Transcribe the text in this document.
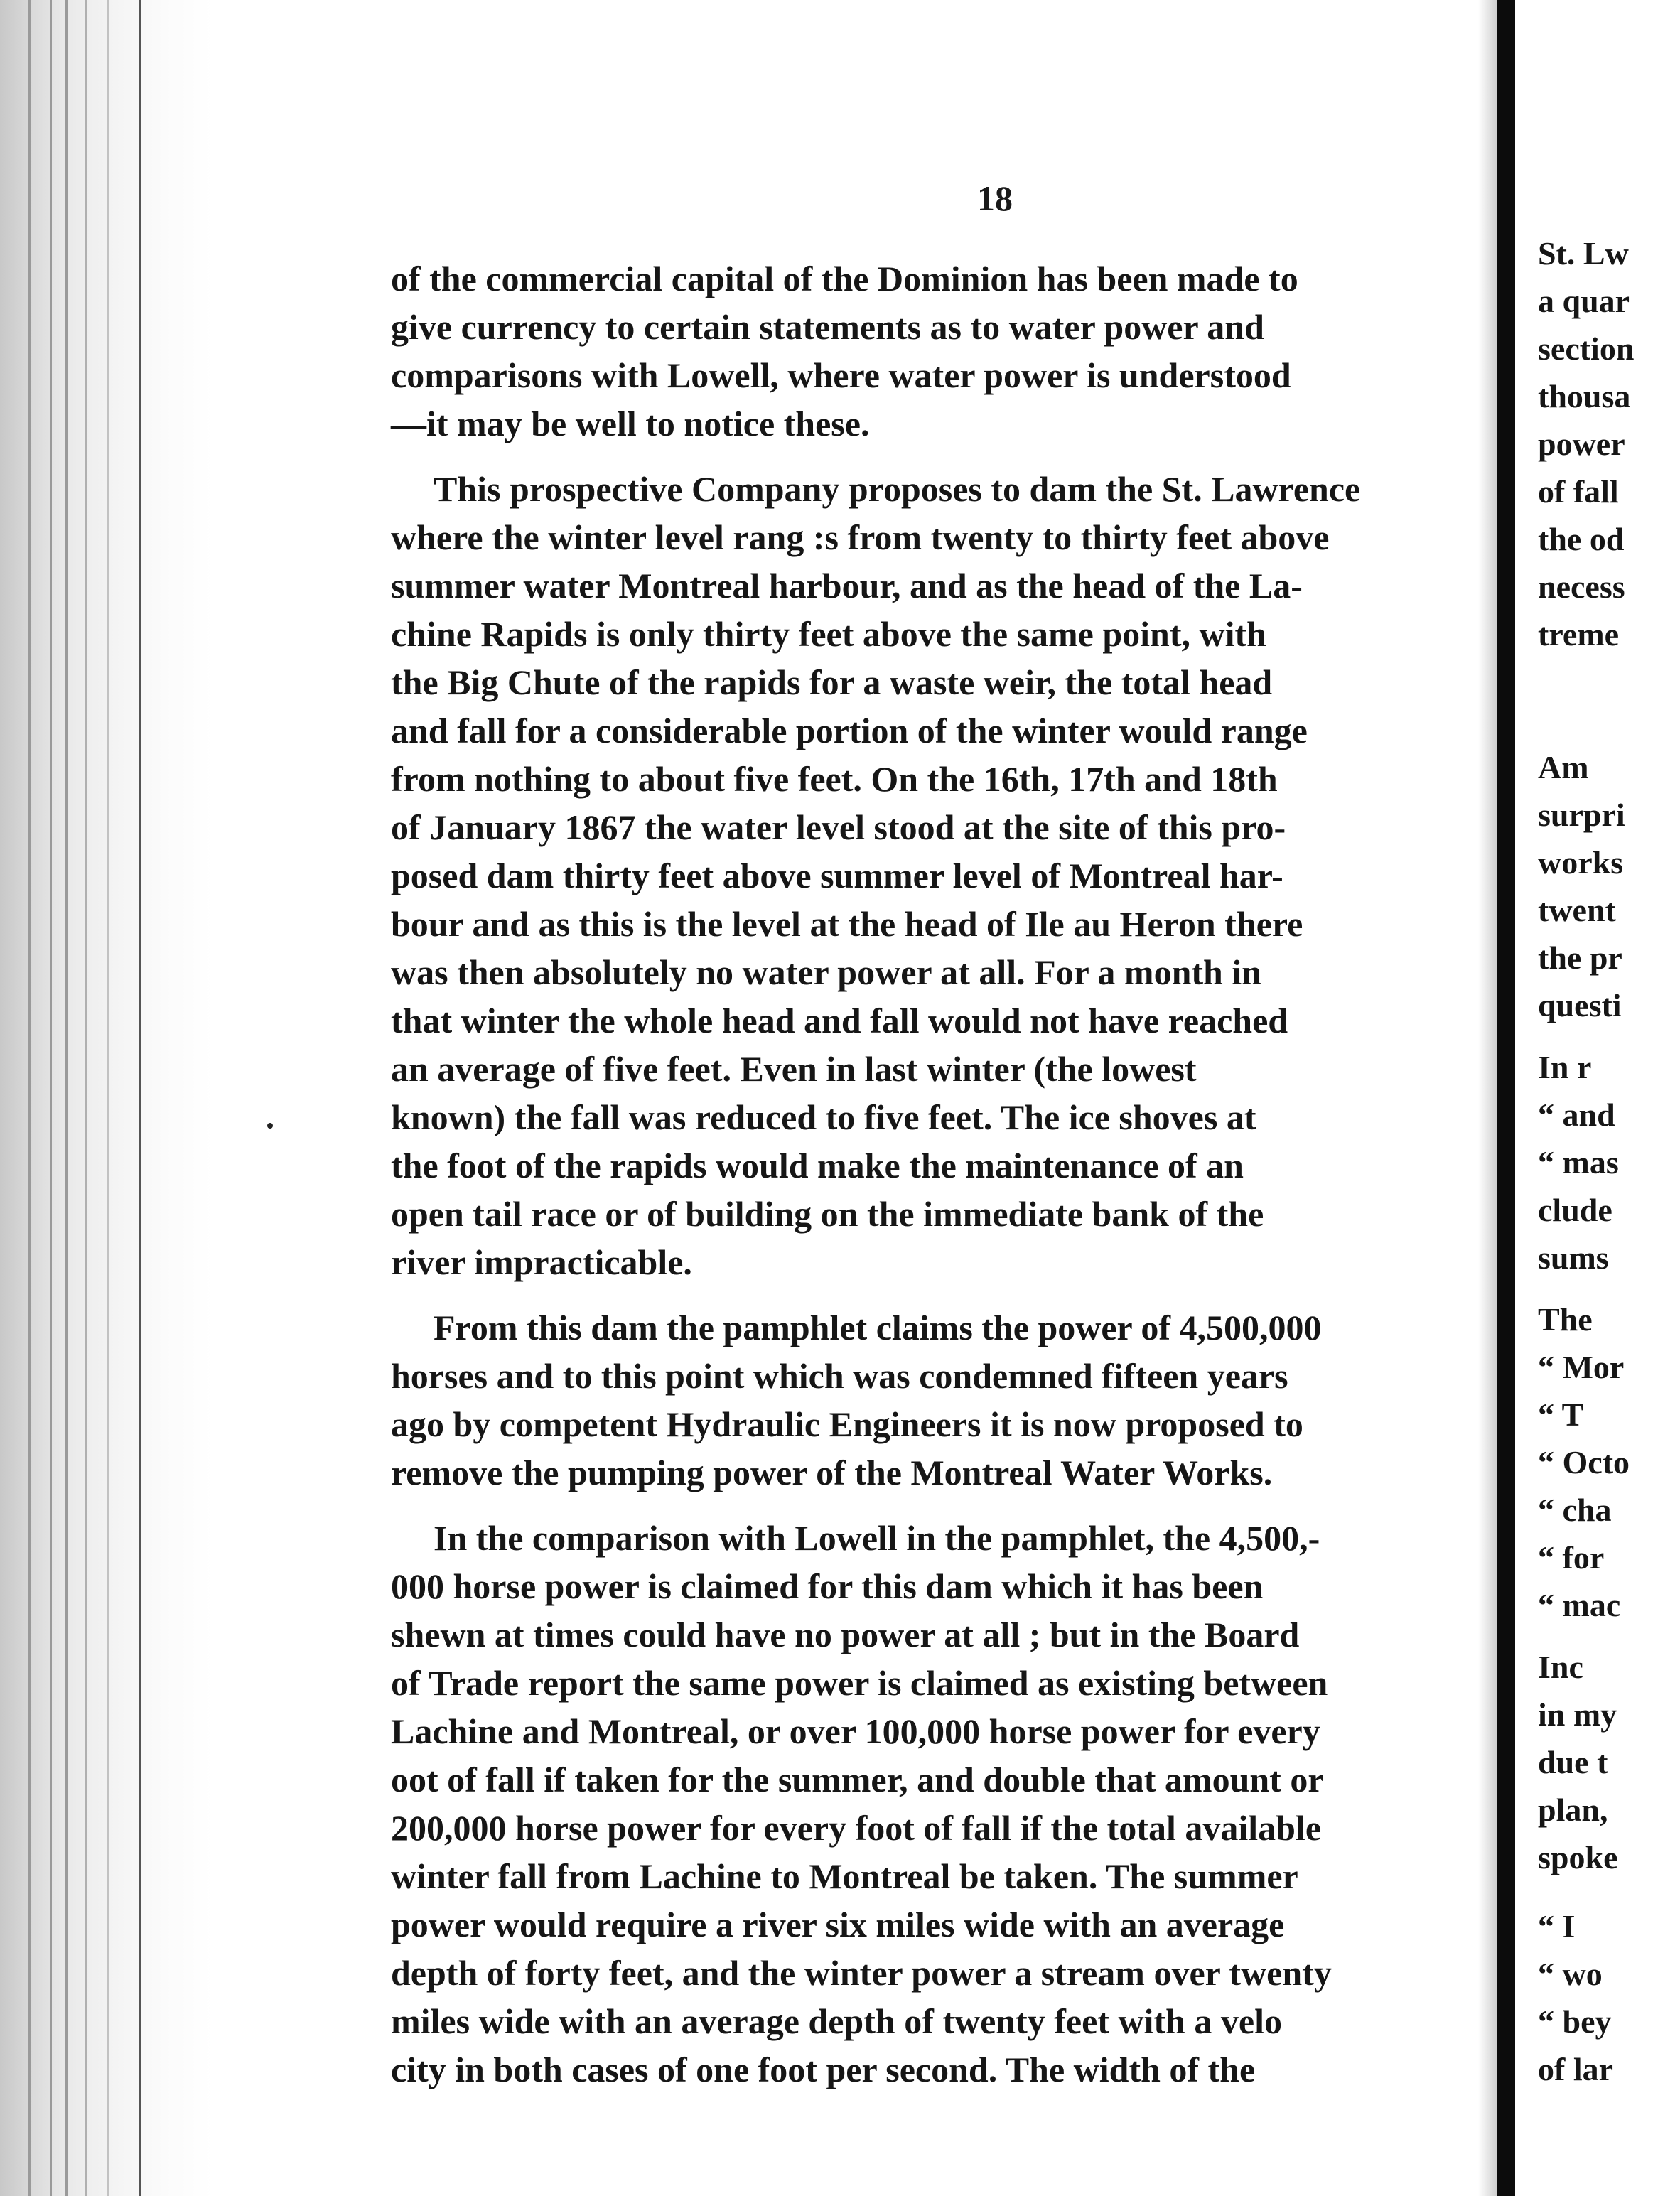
18
of the commercial capital of the Dominion has been made to
give currency to certain statements as to water power and
comparisons with Lowell, where water power is understood
—it may be well to notice these.
This prospective Company proposes to dam the St. Lawrence
where the winter level rang :s from twenty to thirty feet above
summer water Montreal harbour, and as the head of the La-
chine Rapids is only thirty feet above the same point, with
the Big Chute of the rapids for a waste weir, the total head
and fall for a considerable portion of the winter would range
from nothing to about five feet. On the 16th, 17th and 18th
of January 1867 the water level stood at the site of this pro-
posed dam thirty feet above summer level of Montreal har-
bour and as this is the level at the head of Ile au Heron there
was then absolutely no water power at all. For a month in
that winter the whole head and fall would not have reached
an average of five feet. Even in last winter (the lowest
known) the fall was reduced to five feet. The ice shoves at
the foot of the rapids would make the maintenance of an
open tail race or of building on the immediate bank of the
river impracticable.
From this dam the pamphlet claims the power of 4,500,000
horses and to this point which was condemned fifteen years
ago by competent Hydraulic Engineers it is now proposed to
remove the pumping power of the Montreal Water Works.
In the comparison with Lowell in the pamphlet, the 4,500,-
000 horse power is claimed for this dam which it has been
shewn at times could have no power at all ; but in the Board
of Trade report the same power is claimed as existing between
Lachine and Montreal, or over 100,000 horse power for every
oot of fall if taken for the summer, and double that amount or
200,000 horse power for every foot of fall if the total available
winter fall from Lachine to Montreal be taken. The summer
power would require a river six miles wide with an average
depth of forty feet, and the winter power a stream over twenty
miles wide with an average depth of twenty feet with a velo
city in both cases of one foot per second. The width of the
St. Lw
a quar
section
thousa
power
of fall
the od
necess
treme
Am
surpri
works
twent
the pr
questi
In r
“ and
“ mas
clude
sums
The
“ Mor
“ T
“ Octo
“ cha
“ for
“ mac
Inc
in my
due t
plan,
spoke
“ I
“ wo
“ bey
of lar
